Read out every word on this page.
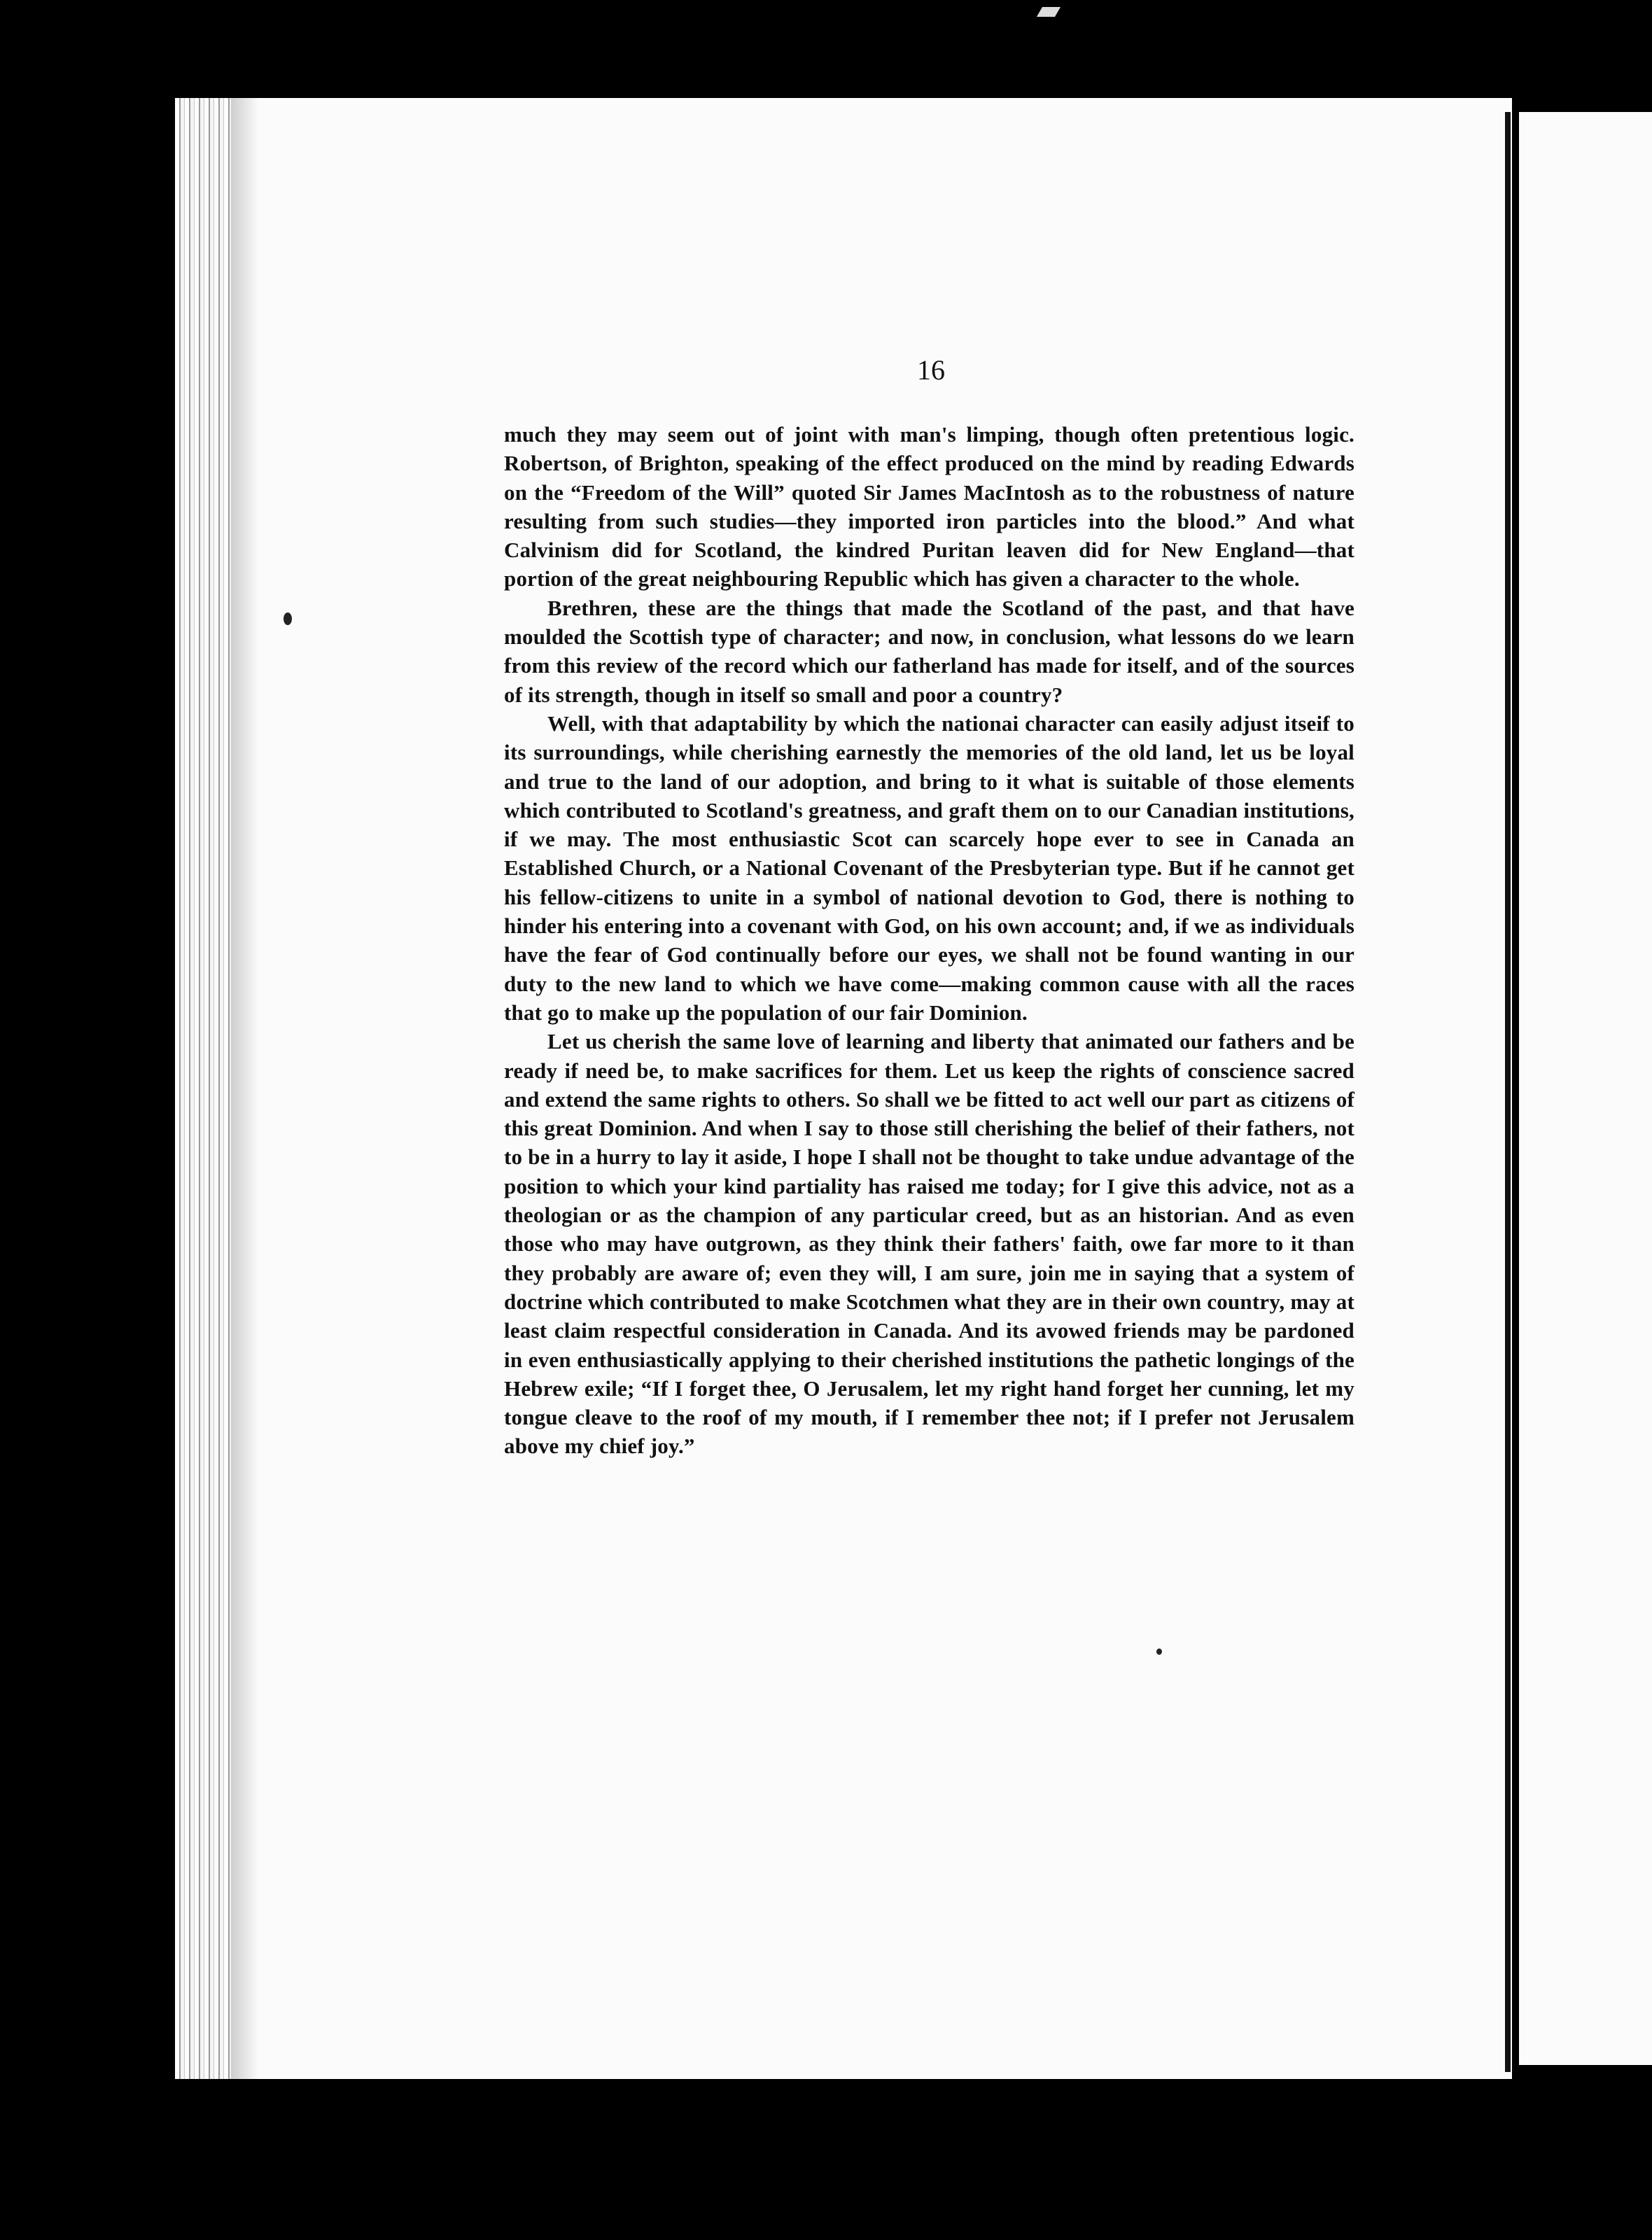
16

much they may seem out of joint with man's limping, though often pretentious logic. Robertson, of Brighton, speaking of the effect produced on the mind by reading Edwards on the “Freedom of the Will” quoted Sir James MacIntosh as to the robustness of nature resulting from such studies—they imported iron particles into the blood.” And what Calvinism did for Scotland, the kindred Puritan leaven did for New England—that portion of the great neighbouring Republic which has given a character to the whole.

Brethren, these are the things that made the Scotland of the past, and that have moulded the Scottish type of character; and now, in conclusion, what lessons do we learn from this review of the record which our fatherland has made for itself, and of the sources of its strength, though in itself so small and poor a country?

Well, with that adaptability by which the nationai character can easily adjust itseif to its surroundings, while cherishing earnestly the memories of the old land, let us be loyal and true to the land of our adoption, and bring to it what is suitable of those elements which contributed to Scotland's greatness, and graft them on to our Canadian institutions, if we may. The most enthusiastic Scot can scarcely hope ever to see in Canada an Established Church, or a National Covenant of the Presbyterian type. But if he cannot get his fellow-citizens to unite in a symbol of national devotion to God, there is nothing to hinder his entering into a covenant with God, on his own account; and, if we as individuals have the fear of God continually before our eyes, we shall not be found wanting in our duty to the new land to which we have come—making common cause with all the races that go to make up the population of our fair Dominion.

Let us cherish the same love of learning and liberty that animated our fathers and be ready if need be, to make sacrifices for them. Let us keep the rights of conscience sacred and extend the same rights to others. So shall we be fitted to act well our part as citizens of this great Dominion. And when I say to those still cherishing the belief of their fathers, not to be in a hurry to lay it aside, I hope I shall not be thought to take undue advantage of the position to which your kind partiality has raised me today; for I give this advice, not as a theologian or as the champion of any particular creed, but as an historian. And as even those who may have outgrown, as they think their fathers' faith, owe far more to it than they probably are aware of; even they will, I am sure, join me in saying that a system of doctrine which contributed to make Scotchmen what they are in their own country, may at least claim respectful consideration in Canada. And its avowed friends may be pardoned in even enthusiastically applying to their cherished institutions the pathetic longings of the Hebrew exile; “If I forget thee, O Jerusalem, let my right hand forget her cunning, let my tongue cleave to the roof of my mouth, if I remember thee not; if I prefer not Jerusalem above my chief joy.”
